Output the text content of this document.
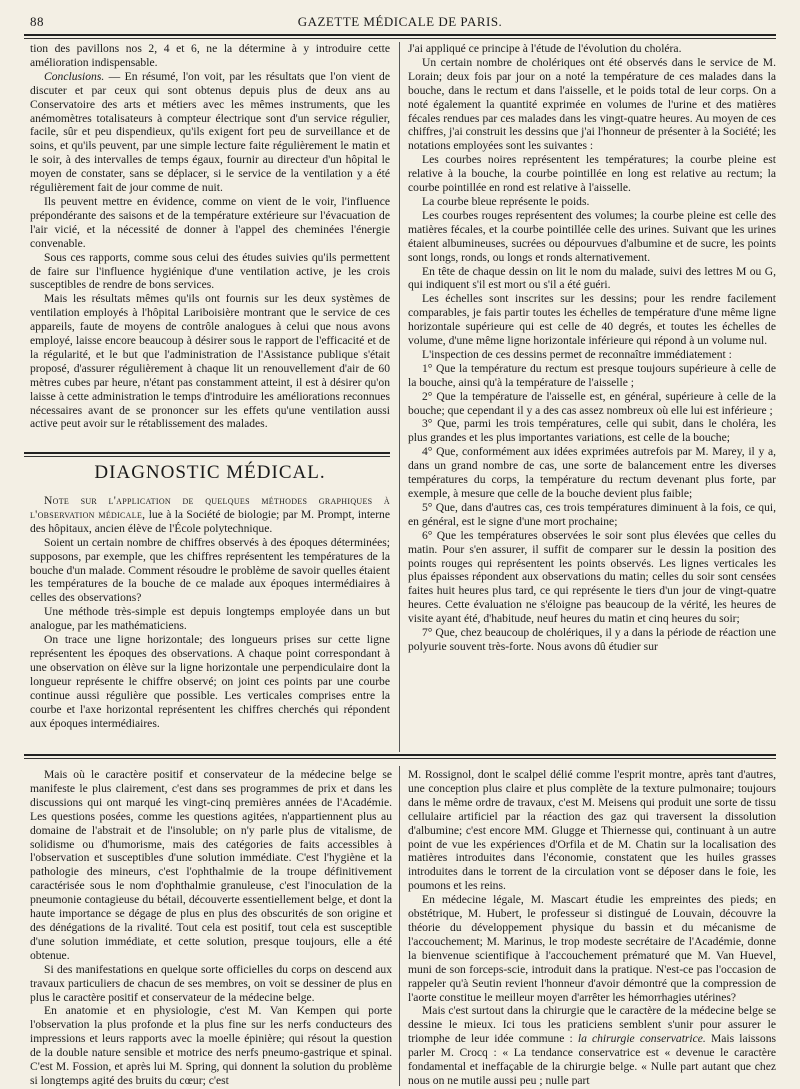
88	GAZETTE MÉDICALE DE PARIS.

tion des pavillons nos 2, 4 et 6, ne la détermine à y introduire cette amélioration indispensable.

Conclusions. — En résumé, l'on voit, par les résultats que l'on vient de discuter et par ceux qui sont obtenus depuis plus de deux ans au Conservatoire des arts et métiers avec les mêmes instruments, que les anémomètres totalisateurs à compteur électrique sont d'un service régulier, facile, sûr et peu dispendieux, qu'ils exigent fort peu de surveillance et de soins, et qu'ils peuvent, par une simple lecture faite régulièrement le matin et le soir, à des intervalles de temps égaux, fournir au directeur d'un hôpital le moyen de constater, sans se déplacer, si le service de la ventilation y a été régulièrement fait de jour comme de nuit.

Ils peuvent mettre en évidence, comme on vient de le voir, l'influence prépondérante des saisons et de la température extérieure sur l'évacuation de l'air vicié, et la nécessité de donner à l'appel des cheminées l'énergie convenable.

Sous ces rapports, comme sous celui des études suivies qu'ils permettent de faire sur l'influence hygiénique d'une ventilation active, je les crois susceptibles de rendre de bons services.

Mais les résultats mêmes qu'ils ont fournis sur les deux systèmes de ventilation employés à l'hôpital Lariboisière montrant que le service de ces appareils, faute de moyens de contrôle analogues à celui que nous avons employé, laisse encore beaucoup à désirer sous le rapport de l'efficacité et de la régularité, et le but que l'administration de l'Assistance publique s'était proposé, d'assurer régulièrement à chaque lit un renouvellement d'air de 60 mètres cubes par heure, n'étant pas constamment atteint, il est à désirer qu'on laisse à cette administration le temps d'introduire les améliorations reconnues nécessaires avant de se prononcer sur les effets qu'une ventilation aussi active peut avoir sur le rétablissement des malades.

DIAGNOSTIC MÉDICAL.

Note sur l'application de quelques méthodes graphiques à l'observation médicale, lue à la Société de biologie; par M. Prompt, interne des hôpitaux, ancien élève de l'École polytechnique.

Soient un certain nombre de chiffres observés à des époques déterminées; supposons, par exemple, que les chiffres représentent les températures de la bouche d'un malade. Comment résoudre le problème de savoir quelles étaient les températures de la bouche de ce malade aux époques intermédiaires à celles des observations?

Une méthode très-simple est depuis longtemps employée dans un but analogue, par les mathématiciens.

On trace une ligne horizontale; des longueurs prises sur cette ligne représentent les époques des observations. A chaque point correspondant à une observation on élève sur la ligne horizontale une perpendiculaire dont la longueur représente le chiffre observé; on joint ces points par une courbe continue aussi régulière que possible. Les verticales comprises entre la courbe et l'axe horizontal représentent les chiffres cherchés qui répondent aux époques intermédiaires.

J'ai appliqué ce principe à l'étude de l'évolution du choléra.

Un certain nombre de cholériques ont été observés dans le service de M. Lorain; deux fois par jour on a noté la température de ces malades dans la bouche, dans le rectum et dans l'aisselle, et le poids total de leur corps. On a noté également la quantité exprimée en volumes de l'urine et des matières fécales rendues par ces malades dans les vingt-quatre heures. Au moyen de ces chiffres, j'ai construit les dessins que j'ai l'honneur de présenter à la Société; les notations employées sont les suivantes :

Les courbes noires représentent les températures; la courbe pleine est relative à la bouche, la courbe pointillée en long est relative au rectum; la courbe pointillée en rond est relative à l'aisselle.

La courbe bleue représente le poids.

Les courbes rouges représentent des volumes; la courbe pleine est celle des matières fécales, et la courbe pointillée celle des urines. Suivant que les urines étaient albumineuses, sucrées ou dépourvues d'albumine et de sucre, les points sont longs, ronds, ou longs et ronds alternativement.

En tête de chaque dessin on lit le nom du malade, suivi des lettres M ou G, qui indiquent s'il est mort ou s'il a été guéri.

Les échelles sont inscrites sur les dessins; pour les rendre facilement comparables, je fais partir toutes les échelles de température d'une même ligne horizontale supérieure qui est celle de 40 degrés, et toutes les échelles de volume, d'une même ligne horizontale inférieure qui répond à un volume nul.

L'inspection de ces dessins permet de reconnaître immédiatement :

1° Que la température du rectum est presque toujours supérieure à celle de la bouche, ainsi qu'à la température de l'aisselle ;

2° Que la température de l'aisselle est, en général, supérieure à celle de la bouche; que cependant il y a des cas assez nombreux où elle lui est inférieure ;

3° Que, parmi les trois températures, celle qui subit, dans le choléra, les plus grandes et les plus importantes variations, est celle de la bouche;

4° Que, conformément aux idées exprimées autrefois par M. Marey, il y a, dans un grand nombre de cas, une sorte de balancement entre les diverses températures du corps, la température du rectum devenant plus forte, par exemple, à mesure que celle de la bouche devient plus faible;

5° Que, dans d'autres cas, ces trois températures diminuent à la fois, ce qui, en général, est le signe d'une mort prochaine;

6° Que les températures observées le soir sont plus élevées que celles du matin. Pour s'en assurer, il suffit de comparer sur le dessin la position des points rouges qui représentent les points observés. Les lignes verticales les plus épaisses répondent aux observations du matin; celles du soir sont censées faites huit heures plus tard, ce qui représente le tiers d'un jour de vingt-quatre heures. Cette évaluation ne s'éloigne pas beaucoup de la vérité, les heures de visite ayant été, d'habitude, neuf heures du matin et cinq heures du soir;

7° Que, chez beaucoup de cholériques, il y a dans la période de réaction une polyurie souvent très-forte. Nous avons dû étudier sur

Mais où le caractère positif et conservateur de la médecine belge se manifeste le plus clairement, c'est dans ses programmes de prix et dans les discussions qui ont marqué les vingt-cinq premières années de l'Académie. Les questions posées, comme les questions agitées, n'appartiennent plus au domaine de l'abstrait et de l'insoluble; on n'y parle plus de vitalisme, de solidisme ou d'humorisme, mais des catégories de faits accessibles à l'observation et susceptibles d'une solution immédiate. C'est l'hygiène et la pathologie des mineurs, c'est l'ophthalmie de la troupe définitivement caractérisée sous le nom d'ophthalmie granuleuse, c'est l'inoculation de la pneumonie contagieuse du bétail, découverte essentiellement belge, et dont la haute importance se dégage de plus en plus des obscurités de son origine et des dénégations de la rivalité. Tout cela est positif, tout cela est susceptible d'une solution immédiate, et cette solution, presque toujours, elle a été obtenue.

Si des manifestations en quelque sorte officielles du corps on descend aux travaux particuliers de chacun de ses membres, on voit se dessiner de plus en plus le caractère positif et conservateur de la médecine belge.

En anatomie et en physiologie, c'est M. Van Kempen qui porte l'observation la plus profonde et la plus fine sur les nerfs conducteurs des impressions et leurs rapports avec la moelle épinière; qui résout la question de la double nature sensible et motrice des nerfs pneumo-gastrique et spinal. C'est M. Fossion, et après lui M. Spring, qui donnent la solution du problème si longtemps agité des bruits du cœur; c'est

M. Rossignol, dont le scalpel délié comme l'esprit montre, après tant d'autres, une conception plus claire et plus complète de la texture pulmonaire; toujours dans le même ordre de travaux, c'est M. Meisens qui produit une sorte de tissu cellulaire artificiel par la réaction des gaz qui traversent la dissolution d'albumine; c'est encore MM. Glugge et Thiernesse qui, continuant à un autre point de vue les expériences d'Orfila et de M. Chatin sur la localisation des matières introduites dans l'économie, constatent que les huiles grasses introduites dans le torrent de la circulation vont se déposer dans le foie, les poumons et les reins.

En médecine légale, M. Mascart étudie les empreintes des pieds; en obstétrique, M. Hubert, le professeur si distingué de Louvain, découvre la théorie du développement physique du bassin et du mécanisme de l'accouchement; M. Marinus, le trop modeste secrétaire de l'Académie, donne la bienvenue scientifique à l'accouchement prématuré que M. Van Huevel, muni de son forceps-scie, introduit dans la pratique. N'est-ce pas l'occasion de rappeler qu'à Seutin revient l'honneur d'avoir démontré que la compression de l'aorte constitue le meilleur moyen d'arrêter les hémorrhagies utérines?

Mais c'est surtout dans la chirurgie que le caractère de la médecine belge se dessine le mieux. Ici tous les praticiens semblent s'unir pour assurer le triomphe de leur idée commune : la chirurgie conservatrice. Mais laissons parler M. Crocq : « La tendance conservatrice est « devenue le caractère fondamental et ineffaçable de la chirurgie belge. « Nulle part autant que chez nous on ne mutile aussi peu ; nulle part
